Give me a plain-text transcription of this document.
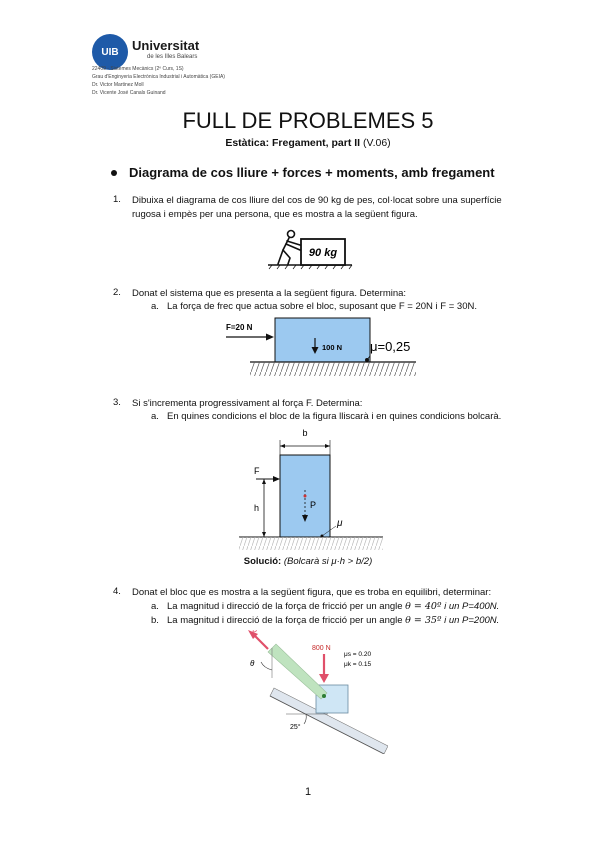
UIB Universitat
de les Illes Balears
22409 - Sistemes Mecànics (2º Curs, 1S)
Grau d'Enginyeria Electrònica Industrial i Automàtica (GEIA)
Dr. Victor Martinez Moll
Dr. Vicente José Canals Guinand
FULL DE PROBLEMES 5
Estàtica: Fregament, part II (V.06)
Diagrama de cos lliure + forces + moments, amb fregament
1. Dibuixa el diagrama de cos lliure del cos de 90 kg de pes, col·locat sobre una superfície
rugosa i empès per una persona, que es mostra a la següent figura.
90 kg
2. Donat el sistema que es presenta a la següent figura. Determina:
a. La força de frec que actua sobre el bloc, suposant que F = 20N i F = 30N.
F=20 N
100 N μ=0,25
3. Si s'incrementa progressivament al força F. Determina:
a. En quines condicions el bloc de la figura lliscarà i en quines condicions bolcarà.
b
F
h	P
μ
Solució: (Bolcarà si μ·h > b/2)
4. Donat el bloc que es mostra a la següent figura, que es troba en equilibri, determinar:
a. La magnitud i direcció de la força de fricció per un angle θ = 40º i un P=400N.
b. La magnitud i direcció de la força de fricció per un angle θ = 35º i un P=200N.
P
θ
800 N
μs = 0.20
μk = 0.15
25°
1
